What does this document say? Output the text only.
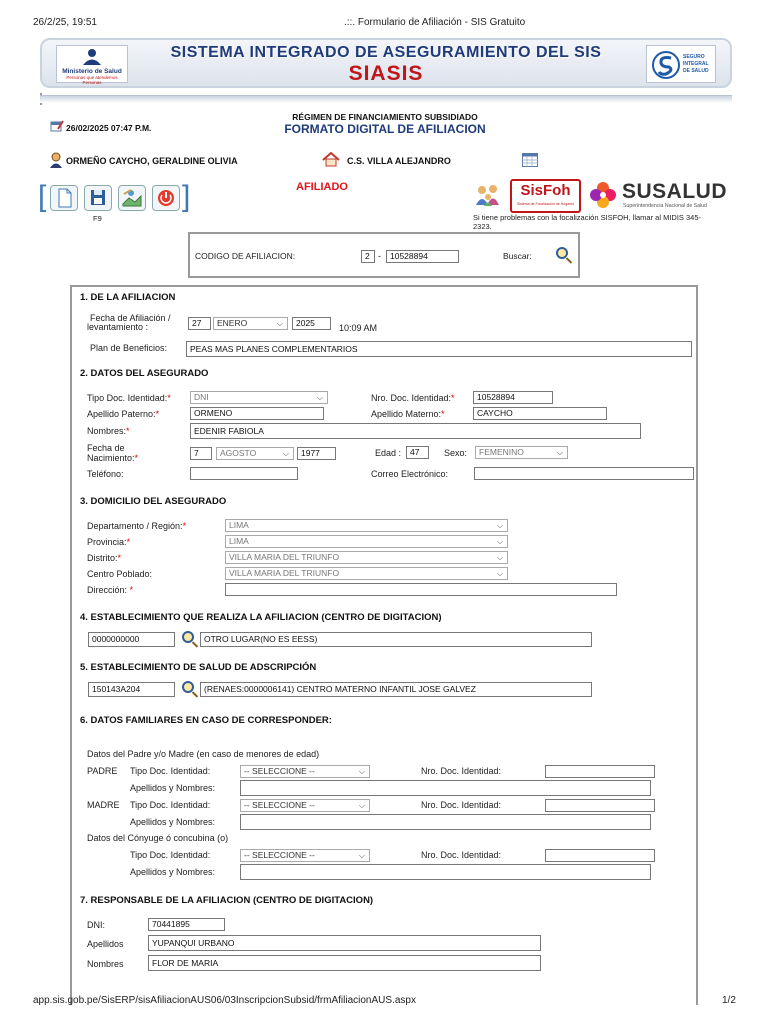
26/2/25, 19:51	.::. Formulario de Afiliación - SIS Gratuito
Ministerio de Salud
Personas que atendemos Personas
SISTEMA INTEGRADO DE ASEGURAMIENTO DEL SIS
SIASIS
SEGURO INTEGRAL DE SALUD
RÉGIMEN DE FINANCIAMIENTO SUBSIDIADO
FORMATO DIGITAL DE AFILIACION
26/02/2025 07:47 P.M.
ORMEÑO CAYCHO, GERALDINE OLIVIA	C.S. VILLA ALEJANDRO
[
F9
]	AFILIADO	SisFoh
Sistema de Focalización de Hogares
SUSALUD
Superintendencia Nacional de Salud
Si tiene problemas con la focalización SISFOH, llamar al MIDIS 345-2323.
CODIGO DE AFILIACION:	2 -	10528894	Buscar:
1. DE LA AFILIACION
Fecha de Afiliación /
levantamiento :	27	ENERO	⌵	2025	10:09 AM
Plan de Beneficios:	PEAS MAS PLANES COMPLEMENTARIOS
2. DATOS DEL ASEGURADO
Tipo Doc. Identidad:*	DNI	⌵	Nro. Doc. Identidad:*	10528894
Apellido Paterno:*	ORMENO	Apellido Materno:*	CAYCHO
Nombres:*	EDENIR FABIOLA
Fecha de
Nacimiento:*	7	AGOSTO	⌵	1977	Edad :	47	Sexo:	FEMENINO	⌵
Teléfono:	Correo Electrónico:
3. DOMICILIO DEL ASEGURADO
Departamento / Región:*	LIMA	⌵
Provincia:*	LIMA	⌵
Distrito:*	VILLA MARIA DEL TRIUNFO	⌵
Centro Poblado:	VILLA MARIA DEL TRIUNFO	⌵
Dirección: *
4. ESTABLECIMIENTO QUE REALIZA LA AFILIACION (CENTRO DE DIGITACION)
0000000000	OTRO LUGAR(NO ES EESS)
5. ESTABLECIMIENTO DE SALUD DE ADSCRIPCIÓN
150143A204	(RENAES:0000006141) CENTRO MATERNO INFANTIL JOSE GALVEZ
6. DATOS FAMILIARES EN CASO DE CORRESPONDER:
Datos del Padre y/o Madre (en caso de menores de edad)
PADRE Tipo Doc. Identidad:	-- SELECCIONE --	⌵	Nro. Doc. Identidad:
Apellidos y Nombres:
MADRE Tipo Doc. Identidad:	-- SELECCIONE --	⌵	Nro. Doc. Identidad:
Apellidos y Nombres:
Datos del Cónyuge ó concubina (o)
Tipo Doc. Identidad:	-- SELECCIONE --	⌵	Nro. Doc. Identidad:
Apellidos y Nombres:
7. RESPONSABLE DE LA AFILIACION (CENTRO DE DIGITACION)
DNI:	70441895
Apellidos	YUPANQUI URBANO
Nombres	FLOR DE MARIA
app.sis.gob.pe/SisERP/sisAfiliacionAUS06/03InscripcionSubsid/frmAfiliacionAUS.aspx	1/2
